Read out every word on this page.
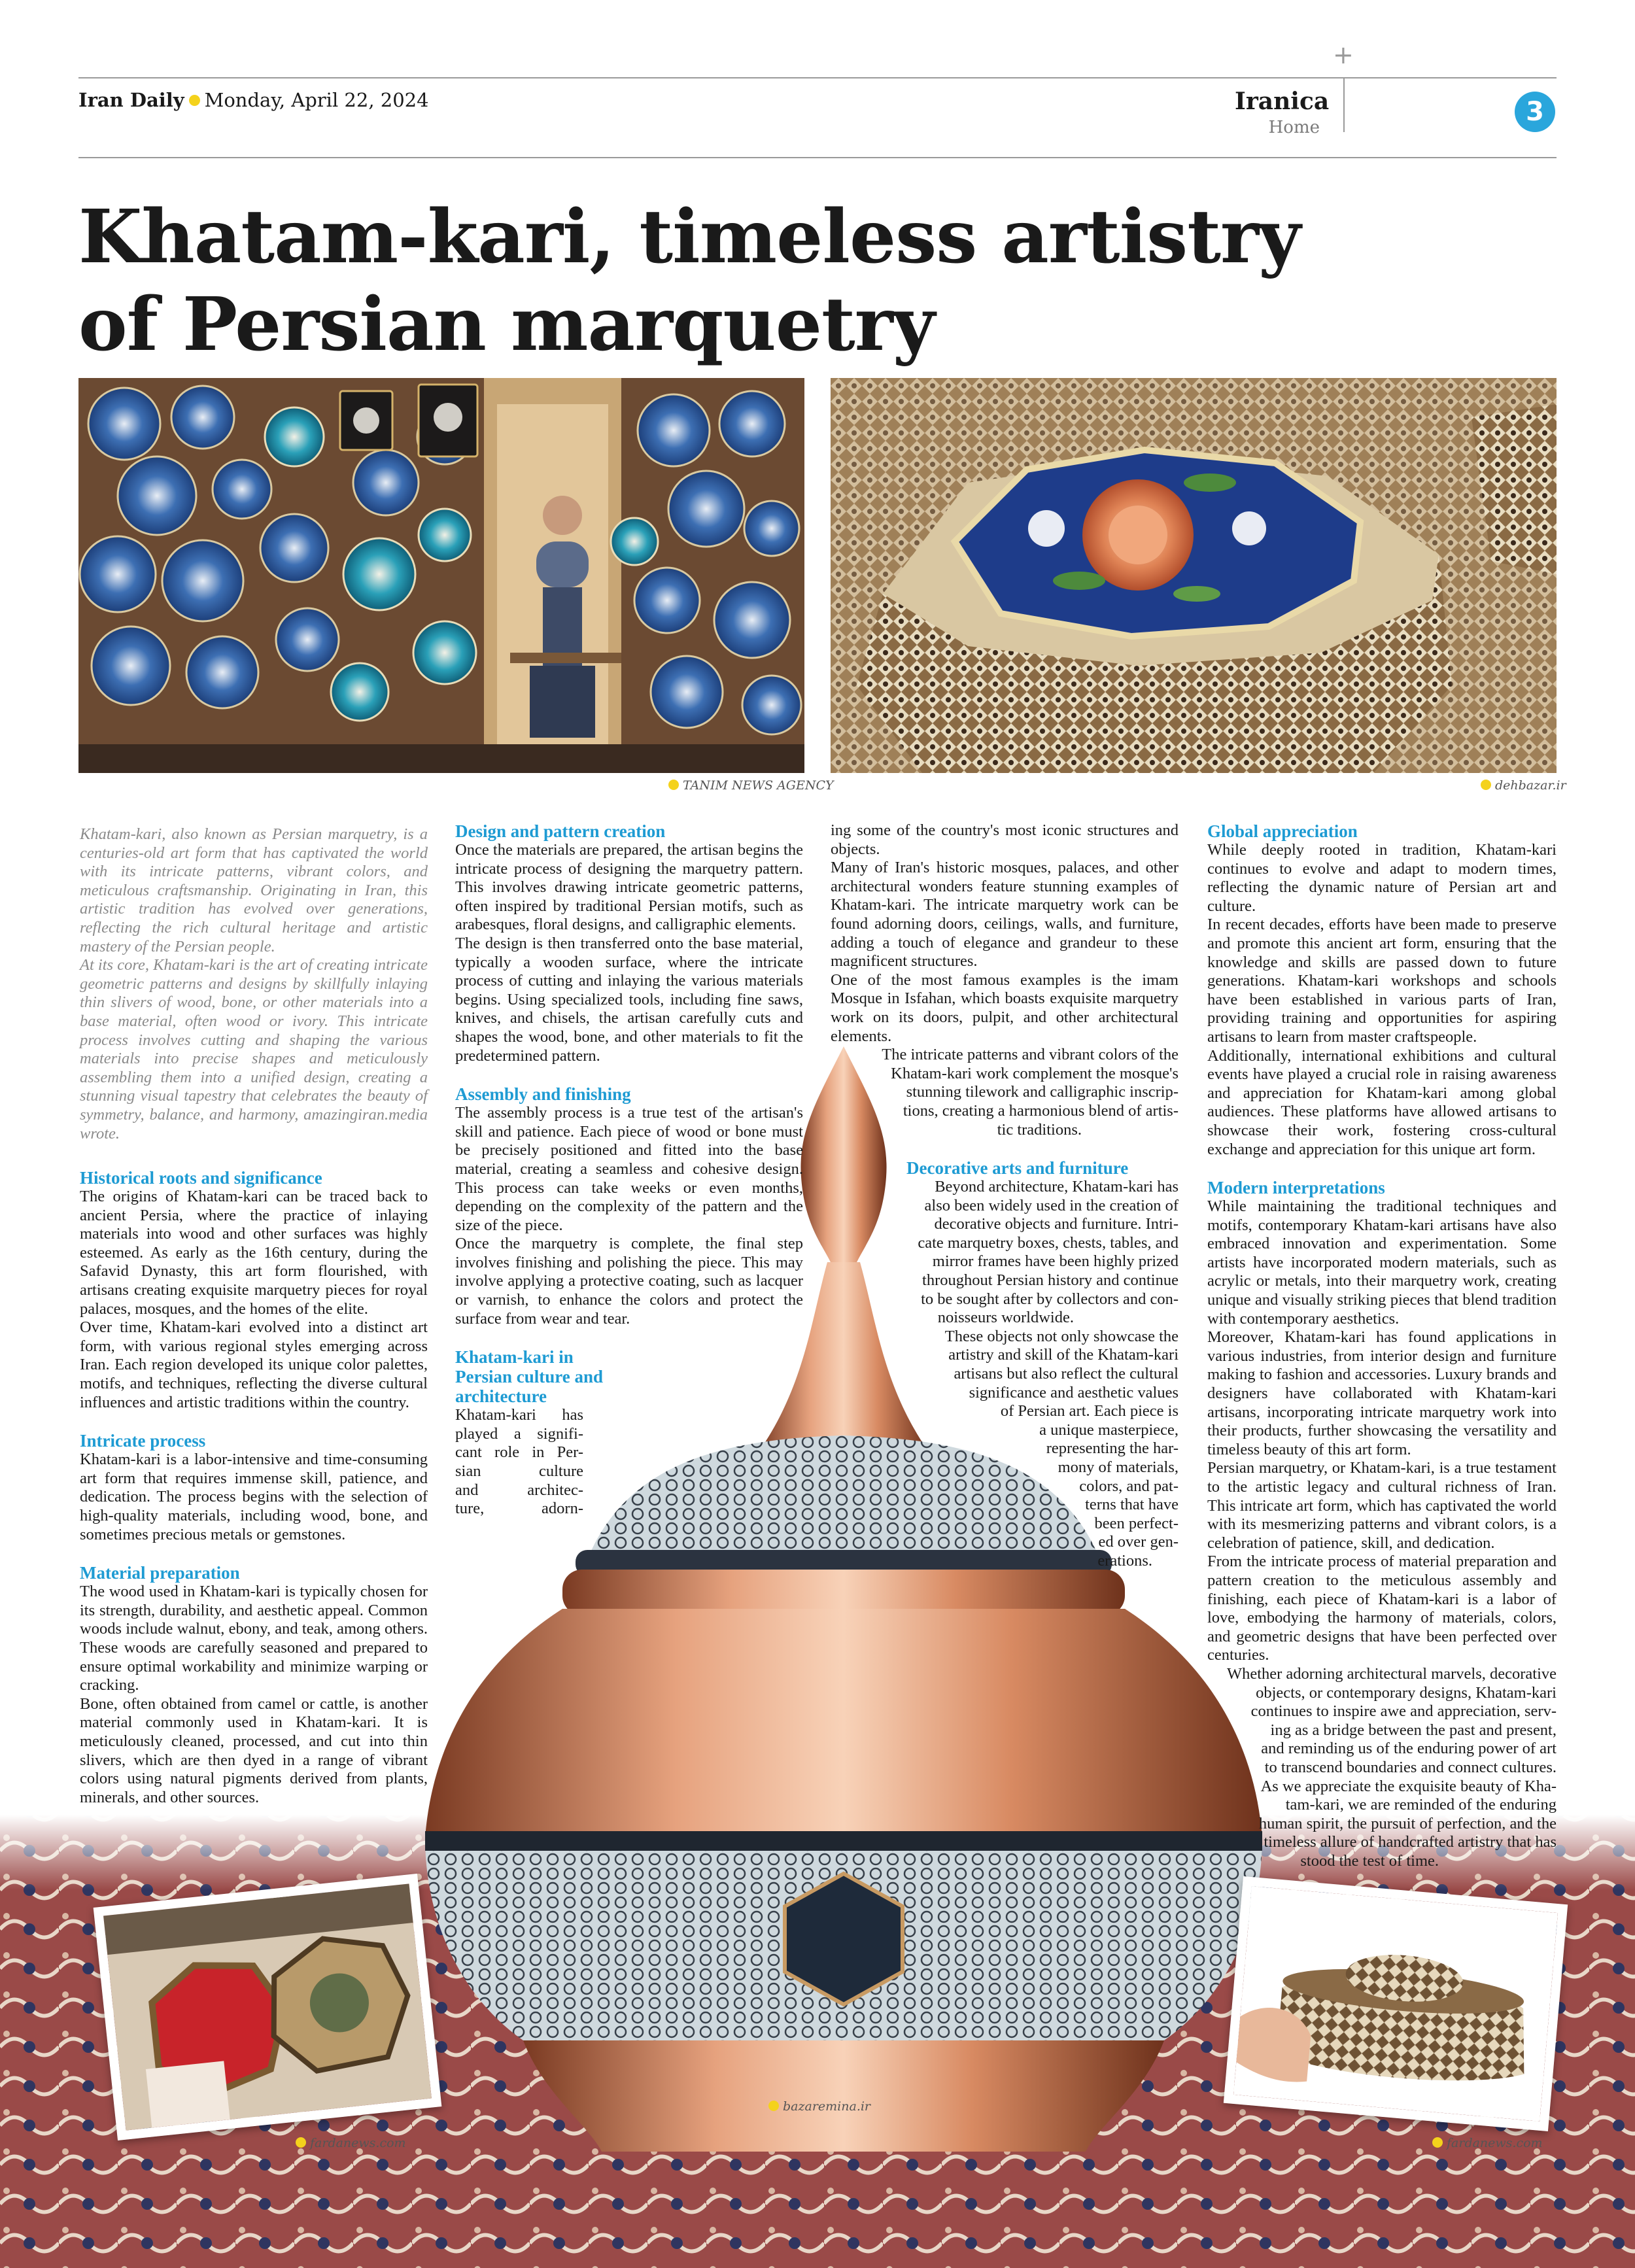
Iran Daily Monday, April 22, 2024
+
Iranica
Home
3
Khatam-kari, timeless artistry
of Persian marquetry
TANIM NEWS AGENCY	dehbazar.ir
bazaremina.ir
fardanews.com	fardanews.com

Khatam-kari, also known as Persian marquetry, is a centuries-old art form that has captivated the world with its intricate patterns, vibrant colors, and meticulous craftsmanship. Originating in Iran, this artistic tradition has evolved over generations, reflecting the rich cultural heritage and artistic mastery of the Persian people.

At its core, Khatam-kari is the art of creating intricate geometric patterns and designs by skillfully inlaying thin slivers of wood, bone, or other materials into a base material, often wood or ivory. This intricate process involves cutting and shaping the various materials into precise shapes and meticulously assembling them into a unified design, creating a stunning visual tapestry that celebrates the beauty of symmetry, balance, and harmony, amazingiran.media wrote.

Historical roots and significance

The origins of Khatam-kari can be traced back to ancient Persia, where the practice of inlaying materials into wood and other surfaces was highly esteemed. As early as the 16th century, during the Safavid Dynasty, this art form flourished, with artisans creating exquisite marquetry pieces for royal palaces, mosques, and the homes of the elite.

Over time, Khatam-kari evolved into a distinct art form, with various regional styles emerging across Iran. Each region developed its unique color palettes, motifs, and techniques, reflecting the diverse cultural influences and artistic traditions within the country.

Intricate process

Khatam-kari is a labor-intensive and time-consuming art form that requires immense skill, patience, and dedication. The process begins with the selection of high-quality materials, including wood, bone, and sometimes precious metals or gemstones.

Material preparation

The wood used in Khatam-kari is typically chosen for its strength, durability, and aesthetic appeal. Common woods include walnut, ebony, and teak, among others. These woods are carefully seasoned and prepared to ensure optimal workability and minimize warping or cracking.

Bone, often obtained from camel or cattle, is another material commonly used in Khatam-kari. It is meticulously cleaned, processed, and cut into thin slivers, which are then dyed in a range of vibrant colors using natural pigments derived from plants, minerals, and other sources.

Design and pattern creation

Once the materials are prepared, the artisan begins the intricate process of designing the marquetry pattern. This involves drawing intricate geometric patterns, often inspired by traditional Persian motifs, such as arabesques, floral designs, and calligraphic elements.

The design is then transferred onto the base material, typically a wooden surface, where the intricate process of cutting and inlaying the various materials begins. Using specialized tools, including fine saws, knives, and chisels, the artisan carefully cuts and shapes the wood, bone, and other materials to fit the predetermined pattern.

Assembly and finishing

The assembly process is a true test of the artisan's skill and patience. Each piece of wood or bone must be precisely positioned and fitted into the base material, creating a seamless and cohesive design. This process can take weeks or even months, depending on the complexity of the pattern and the size of the piece.

Once the marquetry is complete, the final step involves finishing and polishing the piece. This may involve applying a protective coating, such as lacquer or varnish, to enhance the colors and protect the surface from wear and tear.

Khatam-kari in
Persian culture and
architecture
Khatam-kari has
played a signifi-
cant role in Per-
sian culture
and architec-
ture, adorn-

ing some of the country's most iconic structures and objects.

Many of Iran's historic mosques, palaces, and other architectural wonders feature stunning examples of Khatam-kari. The intricate marquetry work can be found adorning doors, ceilings, walls, and furniture, adding a touch of elegance and grandeur to these magnificent structures.

One of the most famous examples is the imam Mosque in Isfahan, which boasts exquisite marquetry work on its doors, pulpit, and other architectural elements.

The intricate patterns and vibrant colors of the
Khatam-kari work complement the mosque's
stunning tilework and calligraphic inscrip-
tions, creating a harmonious blend of artis-
tic traditions.
Decorative arts and furniture
Beyond architecture, Khatam-kari has
also been widely used in the creation of
decorative objects and furniture. Intri-
cate marquetry boxes, chests, tables, and
mirror frames have been highly prized
throughout Persian history and continue
to be sought after by collectors and con-
noisseurs worldwide.
These objects not only showcase the
artistry and skill of the Khatam-kari
artisans but also reflect the cultural
significance and aesthetic values
of Persian art. Each piece is
a unique masterpiece,
representing the har-
mony of materials,
colors, and pat-
terns that have
been perfect-
ed over gen-
erations.
Global appreciation

While deeply rooted in tradition, Khatam-kari continues to evolve and adapt to modern times, reflecting the dynamic nature of Persian art and culture.

In recent decades, efforts have been made to preserve and promote this ancient art form, ensuring that the knowledge and skills are passed down to future generations. Khatam-kari workshops and schools have been established in various parts of Iran, providing training and opportunities for aspiring artisans to learn from master craftspeople.

Additionally, international exhibitions and cultural events have played a crucial role in raising awareness and appreciation for Khatam-kari among global audiences. These platforms have allowed artisans to showcase their work, fostering cross-cultural exchange and appreciation for this unique art form.

Modern interpretations

While maintaining the traditional techniques and motifs, contemporary Khatam-kari artisans have also embraced innovation and experimentation. Some artists have incorporated modern materials, such as acrylic or metals, into their marquetry work, creating unique and visually striking pieces that blend tradition with contemporary aesthetics.

Moreover, Khatam-kari has found applications in various industries, from interior design and furniture making to fashion and accessories. Luxury brands and designers have collaborated with Khatam-kari artisans, incorporating intricate marquetry work into their products, further showcasing the versatility and timeless beauty of this art form.

Persian marquetry, or Khatam-kari, is a true testament to the artistic legacy and cultural richness of Iran. This intricate art form, which has captivated the world with its mesmerizing patterns and vibrant colors, is a celebration of patience, skill, and dedication.

From the intricate process of material preparation and pattern creation to the meticulous assembly and finishing, each piece of Khatam-kari is a labor of love, embodying the harmony of materials, colors, and geometric designs that have been perfected over centuries.

Whether adorning architectural marvels, decorative
objects, or contemporary designs, Khatam-kari
continues to inspire awe and appreciation, serv-
ing as a bridge between the past and present,
and reminding us of the enduring power of art
to transcend boundaries and connect cultures.
As we appreciate the exquisite beauty of Kha-
tam-kari, we are reminded of the enduring
human spirit, the pursuit of perfection, and the
timeless allure of handcrafted artistry that has
stood the test of time.
